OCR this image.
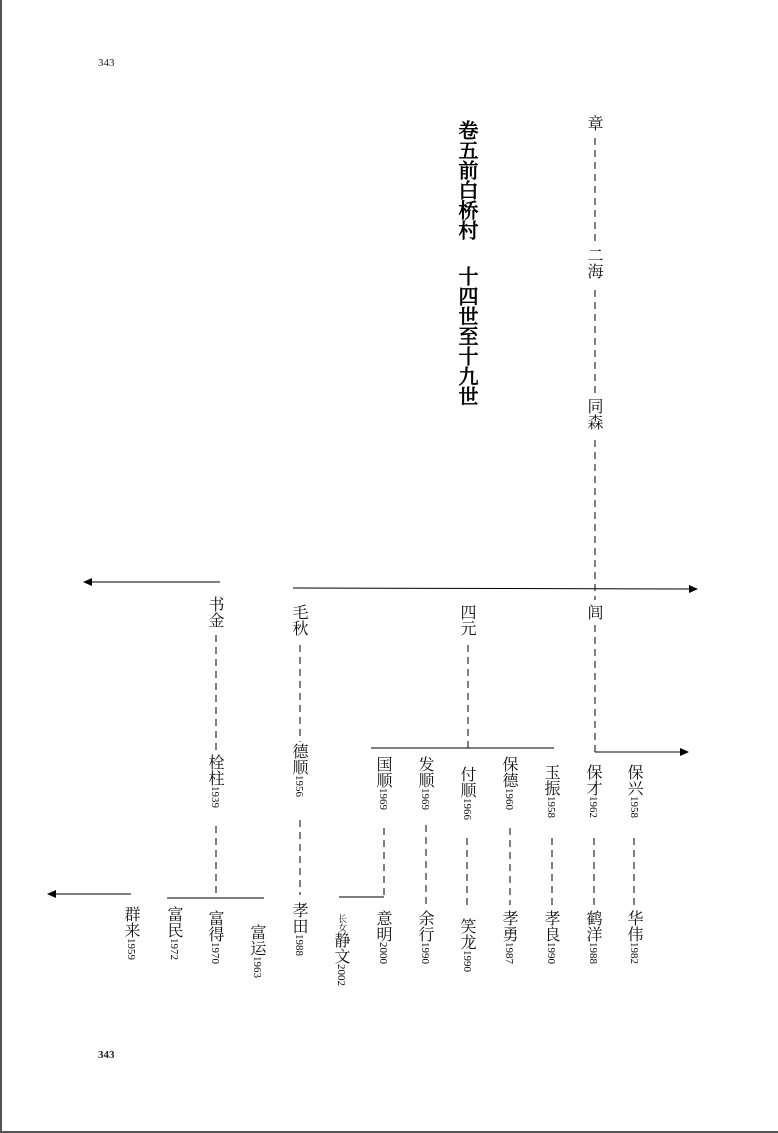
343
343
卷五前白桥村
十四世至十九世
章
二海
同森
闾
四元
毛秋
书金
保兴1958
保才1962
玉振1958
保德1960
付顺1966
发顺1969
国顺1969
德顺1956
栓柱1939
华伟1982
鹤洋1988
孝良1990
孝勇1987
笑龙1990
余行1990
意明2000
长女静文2002
孝田1988
富运1963
富得1970
富民1972
群来1959
